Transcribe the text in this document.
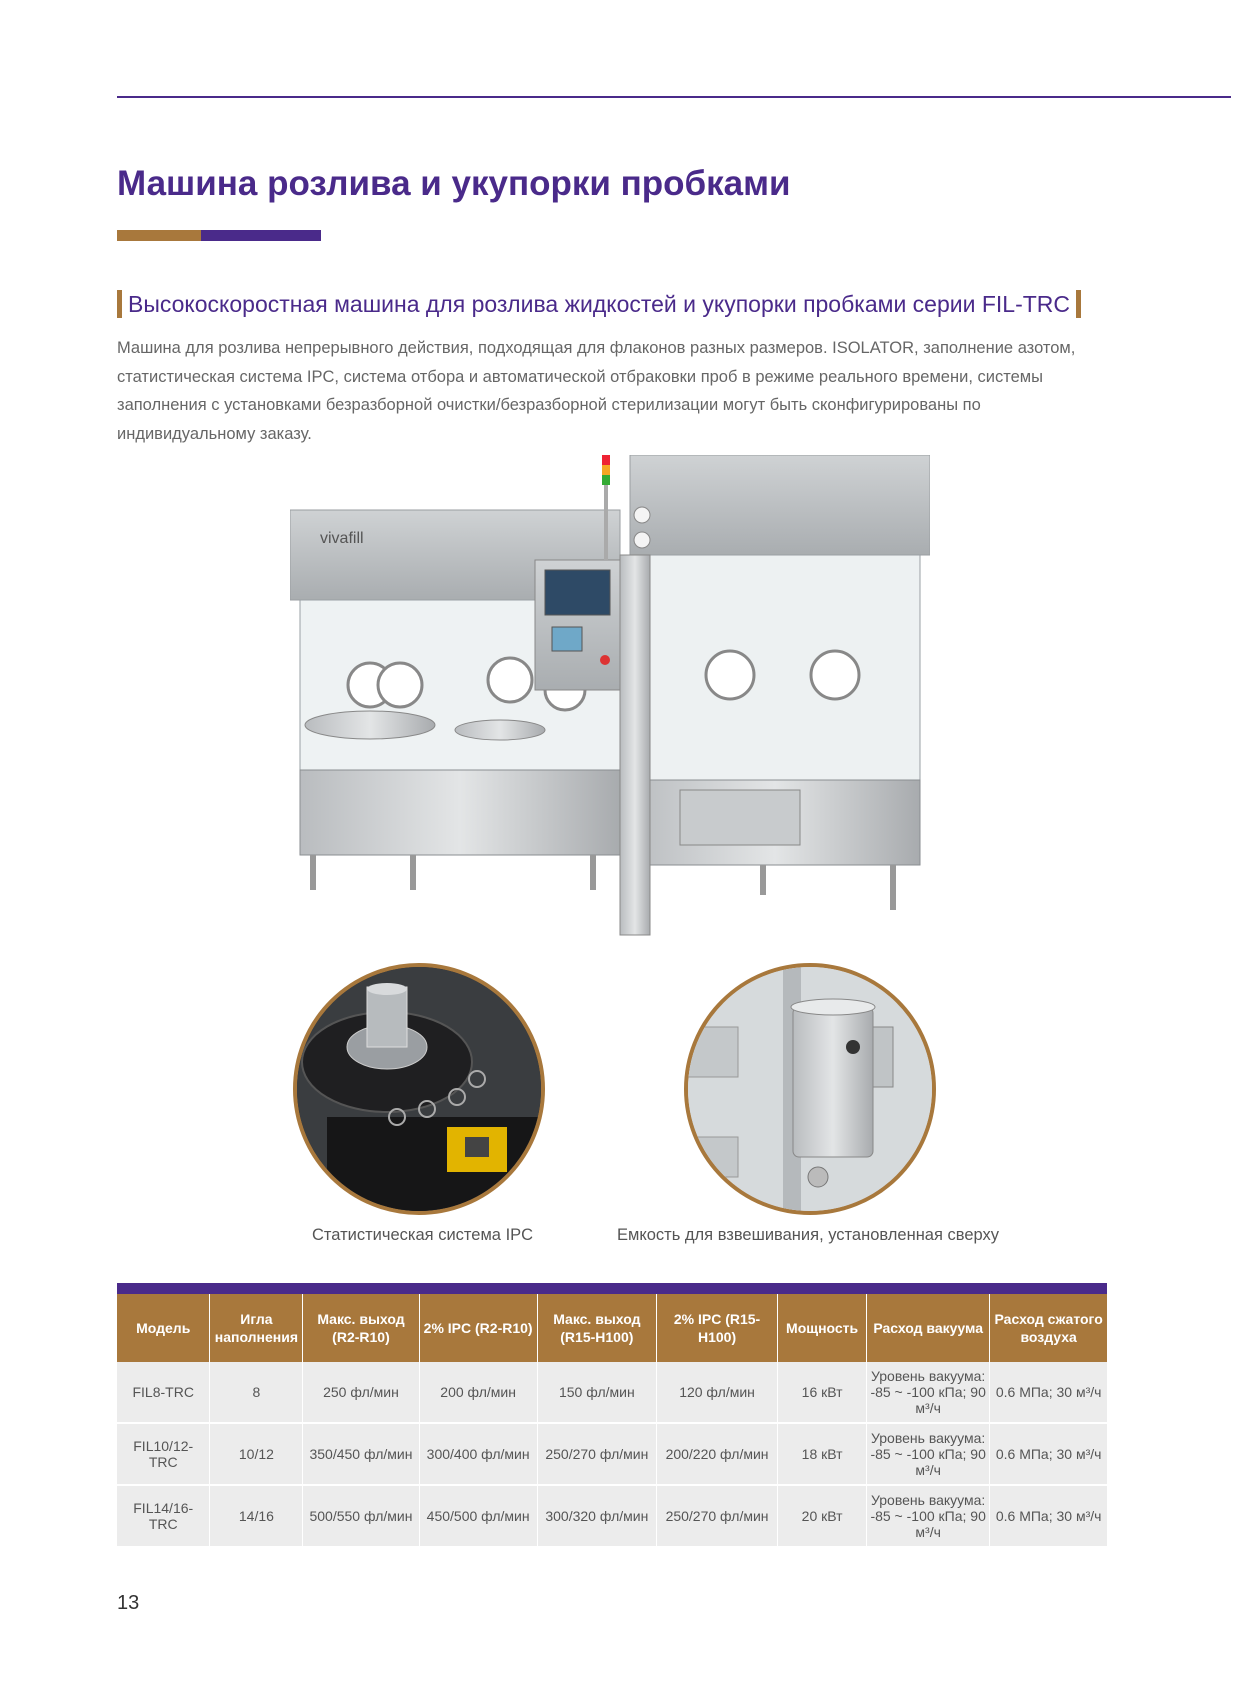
Машина розлива и укупорки пробками
Высокоскоростная машина для розлива жидкостей и укупорки пробками серии FIL-TRC

Машина для розлива непрерывного действия, подходящая для флаконов разных размеров. ISOLATOR, заполнение азотом, статистическая система IPC, система отбора и автоматической отбраковки проб в режиме реального времени, системы заполнения с установками безразборной очистки/безразборной стерилизации могут быть сконфигурированы по индивидуальному заказу.

vivafill
Статистическая система IPC	Емкость для взвешивания, установленная сверху
Модель	Игла наполнения	Макс. выход (R2-R10)	2% IPC (R2-R10)	Макс. выход (R15-H100)	2% IPC (R15-H100)	Мощность	Расход вакуума	Расход сжатого воздуха
FIL8-TRC	8	250 фл/мин	200 фл/мин	150 фл/мин	120 фл/мин	16 кВт	Уровень вакуума: -85 ~ -100 кПа; 90 м³/ч	0.6 МПа; 30 м³/ч
FIL10/12-TRC	10/12	350/450 фл/мин	300/400 фл/мин	250/270 фл/мин	200/220 фл/мин	18 кВт	Уровень вакуума: -85 ~ -100 кПа; 90 м³/ч	0.6 МПа; 30 м³/ч
FIL14/16-TRC	14/16	500/550 фл/мин	450/500 фл/мин	300/320 фл/мин	250/270 фл/мин	20 кВт	Уровень вакуума: -85 ~ -100 кПа; 90 м³/ч	0.6 МПа; 30 м³/ч
13
